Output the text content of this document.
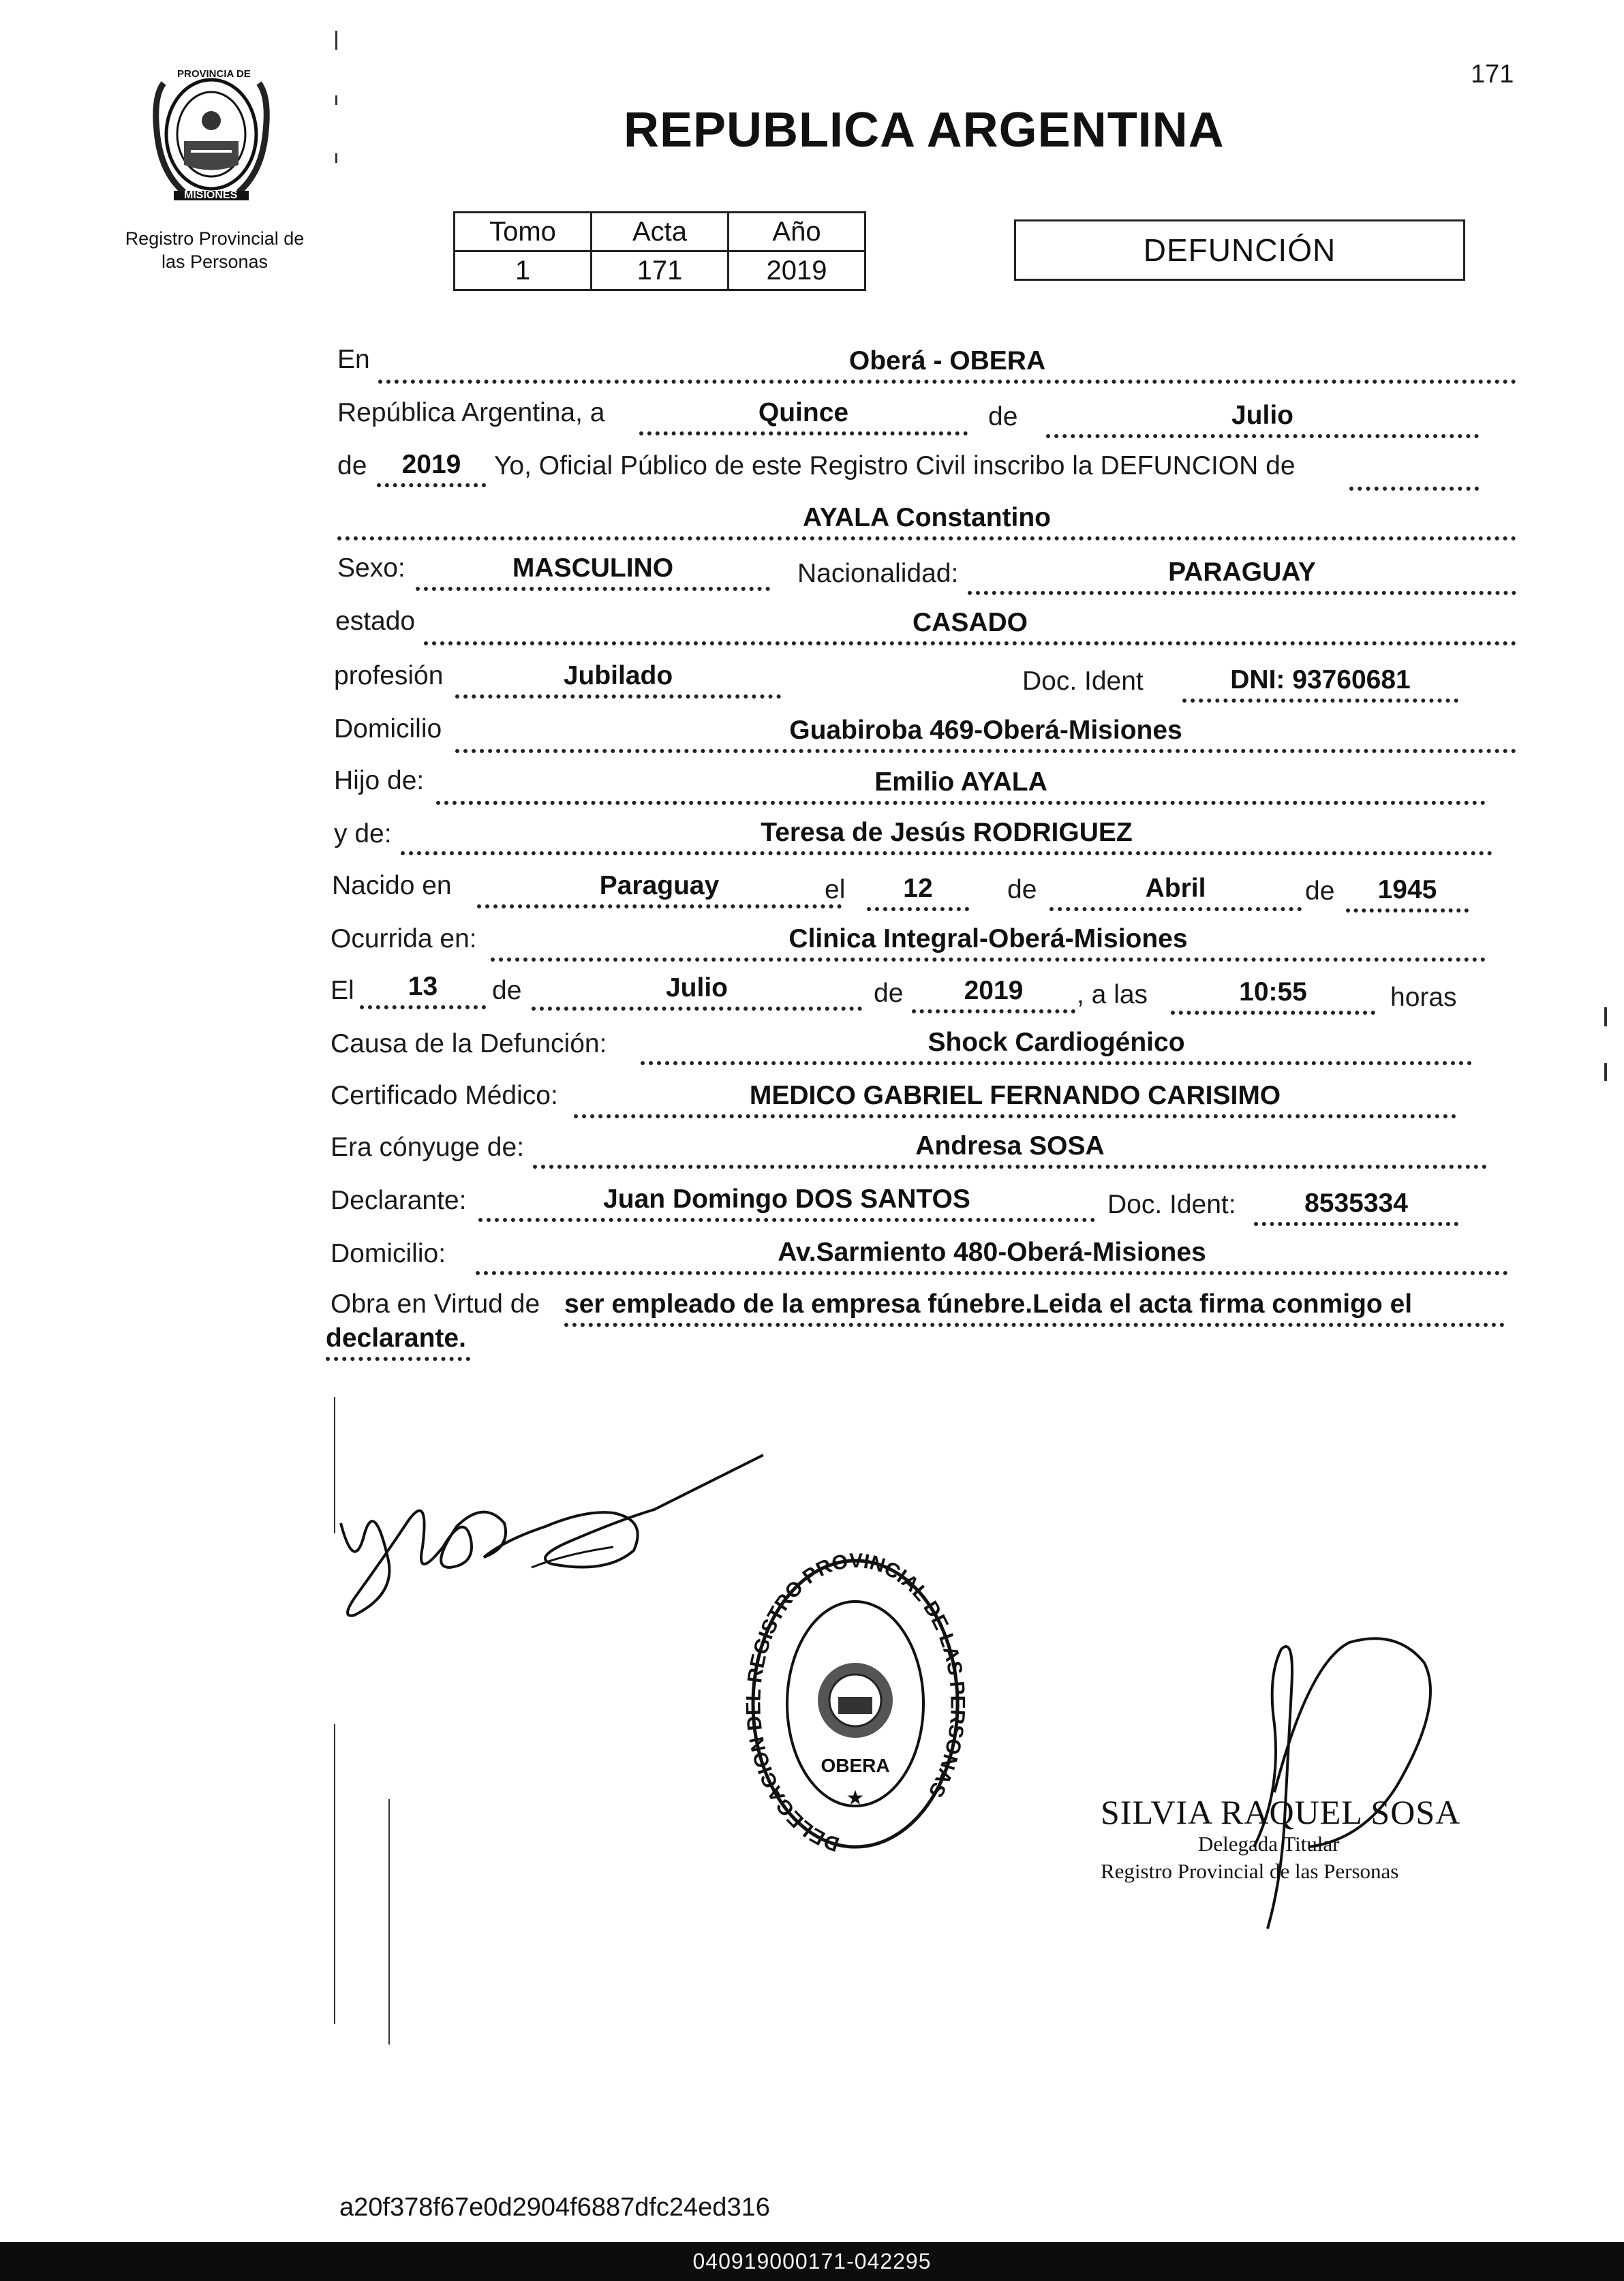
171
PROVINCIA DE
MISIONES
Registro Provincial de
las Personas
REPUBLICA ARGENTINA
Tomo	Acta	Año
1	171	2019
DEFUNCIÓN
En	Oberá - OBERA
República Argentina, a	Quince	de	Julio
de	2019	Yo, Oficial Público de este Registro Civil inscribo la DEFUNCION de
AYALA Constantino
Sexo:	MASCULINO	Nacionalidad:	PARAGUAY
estado	CASADO
profesión	Jubilado	Doc. Ident	DNI: 93760681
Domicilio	Guabiroba 469-Oberá-Misiones
Hijo de:	Emilio AYALA
y de:	Teresa de Jesús RODRIGUEZ
Nacido en	Paraguay	el	12	de	Abril	de	1945
Ocurrida en:	Clinica Integral-Oberá-Misiones
El	13	de	Julio	de	2019	, a las	10:55	horas
Causa de la Defunción:	Shock Cardiogénico
Certificado Médico:	MEDICO GABRIEL FERNANDO CARISIMO
Era cónyuge de:	Andresa SOSA
Declarante:	Juan Domingo DOS SANTOS	Doc. Ident:	8535334
Domicilio:	Av.Sarmiento 480-Oberá-Misiones
Obra en Virtud de ser empleado de la empresa fúnebre.Leida el acta firma conmigo el
declarante.
DELEGACION DEL REGISTRO PROVINCIAL DE LAS PERSONAS
OBERA
★	SILVIA RAQUEL SOSA
Delegada Titular
Registro Provincial de las Personas
a20f378f67e0d2904f6887dfc24ed316
040919000171-042295
